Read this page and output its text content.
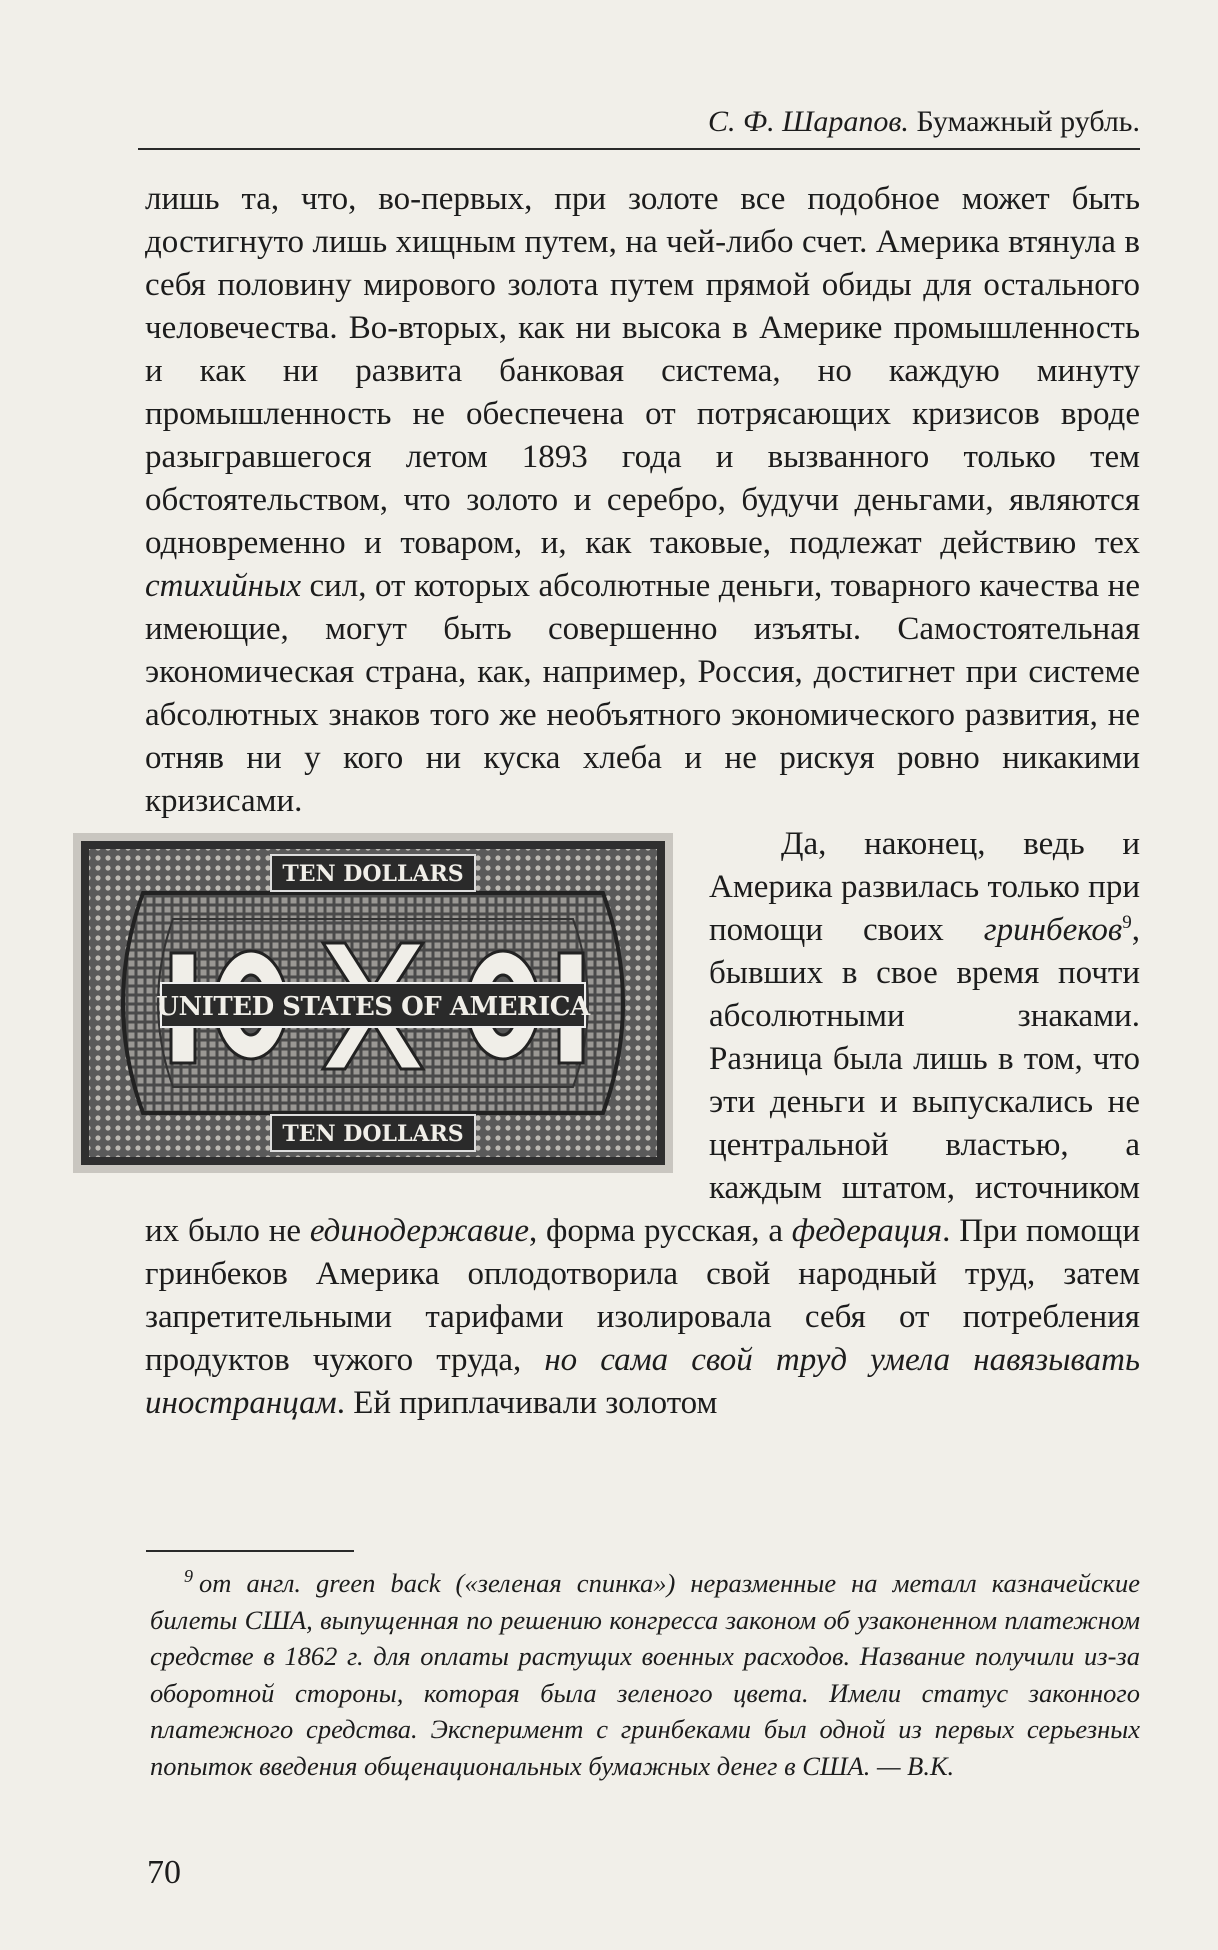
С. Ф. Шарапов. Бумажный рубль.

лишь та, что, во-первых, при золоте все подобное может быть достигнуто лишь хищным путем, на чей-либо счет. Америка втянула в себя половину мирового золота путем прямой обиды для остального человечества. Во-вторых, как ни высока в Америке промышленность и как ни развита банковая система, но каждую минуту промышленность не обеспечена от потрясающих кризисов вроде разыгравшегося летом 1893 года и вызванного только тем обстоятельством, что золото и серебро, будучи деньгами, являются одновременно и товаром, и, как таковые, подлежат действию тех стихийных сил, от которых абсолютные деньги, товарного качества не имеющие, могут быть совершенно изъяты. Самостоятельная экономическая страна, как, например, Россия, достигнет при системе абсолютных знаков того же необъятного экономического развития, не отняв ни у кого ни куска хлеба и не рискуя ровно никакими кризисами.

TEN DOLLARS
TEN DOLLARS
UNITED STATES OF AMERICA

Да, наконец, ведь и Америка развилась только при помощи своих гринбеков$^9$, бывших в свое время почти абсолютными знаками. Разница была лишь в том, что эти деньги и выпускались не центральной властью, а каждым штатом, источником их было не единодержавие, форма русская, а федерация. При помощи гринбеков Америка оплодотворила свой народный труд, затем запретительными тарифами изолировала себя от потребления продуктов чужого труда, но сама свой труд умела навязывать иностранцам. Ей приплачивали золотом

$^9$ от англ. green back («зеленая спинка») неразменные на металл казначейские билеты США, выпущенная по решению конгресса законом об узаконенном платежном средстве в 1862 г. для оплаты растущих военных расходов. Название получили из-за оборотной стороны, которая была зеленого цвета. Имели статус законного платежного средства. Эксперимент с гринбеками был одной из первых серьезных попыток введения общенациональных бумажных денег в США. — В.К.
70
